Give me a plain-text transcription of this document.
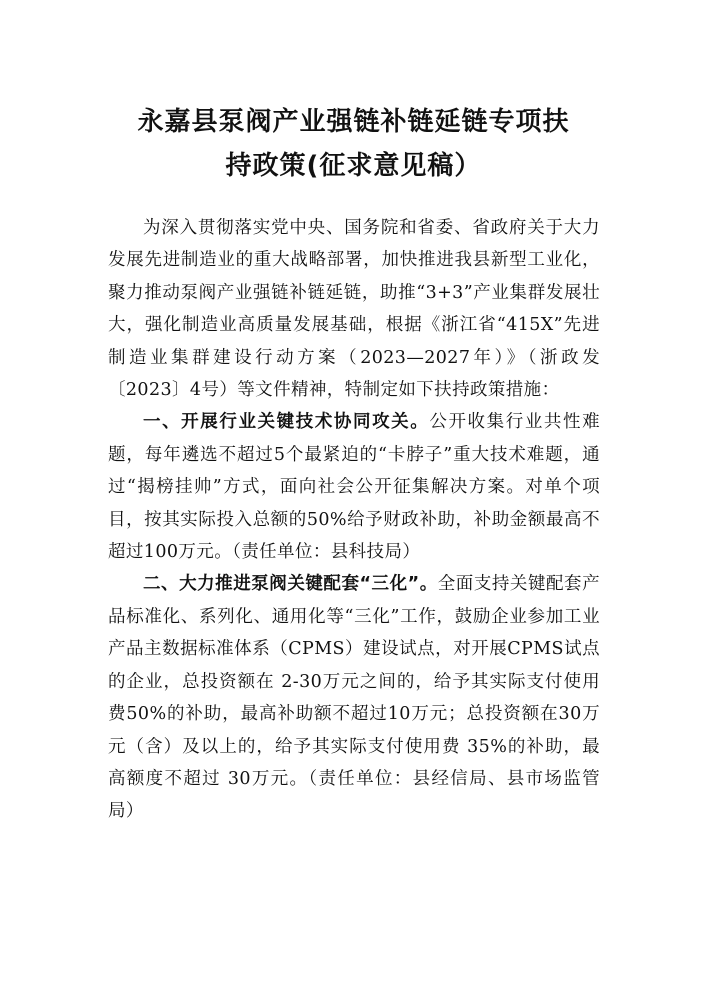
永嘉县泵阀产业强链补链延链专项扶
持政策(征求意见稿）

为深入贯彻落实党中央、国务院和省委、省政府关于大力发展先进制造业的重大战略部署，加快推进我县新型工业化，聚力推动泵阀产业强链补链延链，助推“3+3”产业集群发展壮大，强化制造业高质量发展基础，根据《浙江省“415X”先进制造业集群建设行动方案（2023—2027年）》（浙政发〔2023〕4号）等文件精神，特制定如下扶持政策措施：

一、开展行业关键技术协同攻关。公开收集行业共性难题，每年遴选不超过5个最紧迫的“卡脖子”重大技术难题，通过“揭榜挂帅”方式，面向社会公开征集解决方案。对单个项目，按其实际投入总额的50%给予财政补助，补助金额最高不超过100万元。（责任单位：县科技局）

二、大力推进泵阀关键配套“三化”。全面支持关键配套产品标准化、系列化、通用化等“三化”工作，鼓励企业参加工业产品主数据标准体系（CPMS）建设试点，对开展CPMS试点的企业，总投资额在 2-30万元之间的，给予其实际支付使用费50%的补助，最高补助额不超过10万元；总投资额在30万元（含）及以上的，给予其实际支付使用费 35%的补助，最高额度不超过 30万元。（责任单位：县经信局、县市场监管局）
